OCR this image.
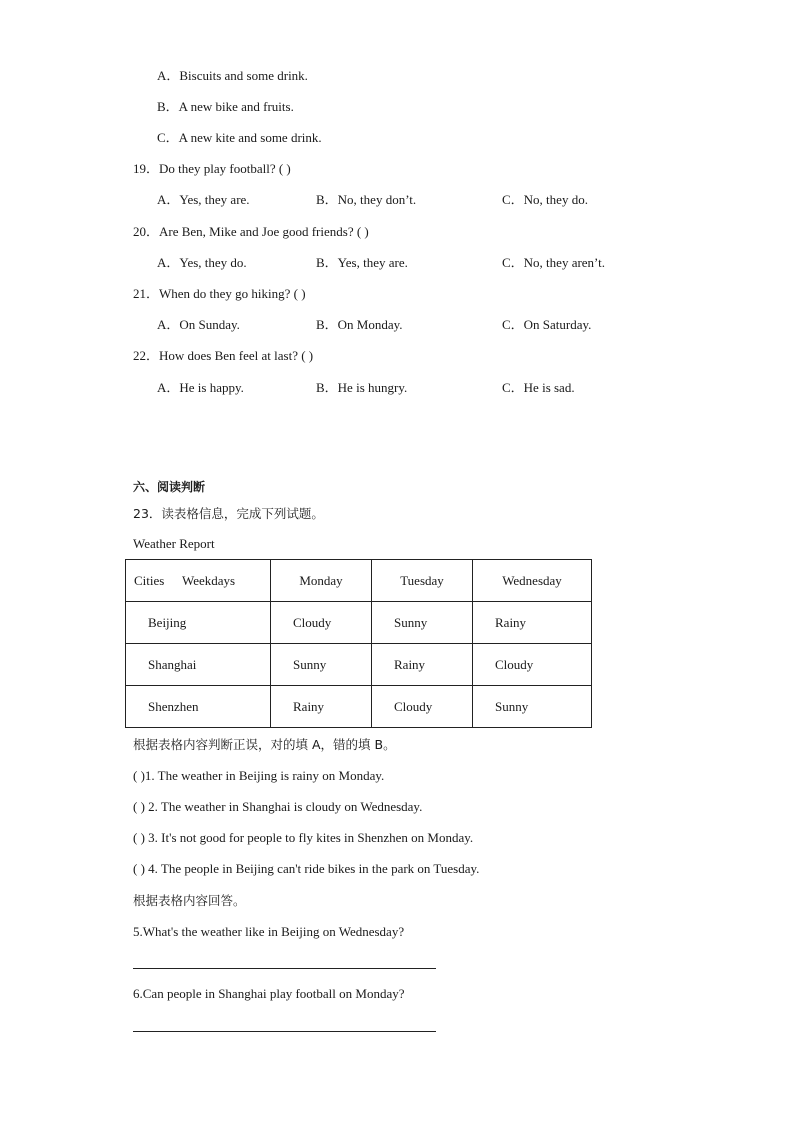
A．Biscuits and some drink.
B．A new bike and fruits.
C．A new kite and some drink.
19．Do they play football? ( )
A．Yes, they are.	B．No, they don’t.	C．No, they do.
20．Are Ben, Mike and Joe good friends? ( )
A．Yes, they do.	B．Yes, they are.	C．No, they aren’t.
21．When do they go hiking? ( )
A．On Sunday.	B．On Monday.	C．On Saturday.
22．How does Ben feel at last? ( )
A．He is happy.	B．He is hungry.	C．He is sad.
六、阅读判断
23．读表格信息，完成下列试题。
Weather Report
Cities Weekdays	Monday	Tuesday	Wednesday
Beijing	Cloudy	Sunny	Rainy
Shanghai	Sunny	Rainy	Cloudy
Shenzhen	Rainy	Cloudy	Sunny
根据表格内容判断正误，对的填 A，错的填 B。
( )1. The weather in Beijing is rainy on Monday.
( ) 2. The weather in Shanghai is cloudy on Wednesday.
( ) 3. It's not good for people to fly kites in Shenzhen on Monday.
( ) 4. The people in Beijing can't ride bikes in the park on Tuesday.
根据表格内容回答。
5.What's the weather like in Beijing on Wednesday?
6.Can people in Shanghai play football on Monday?
